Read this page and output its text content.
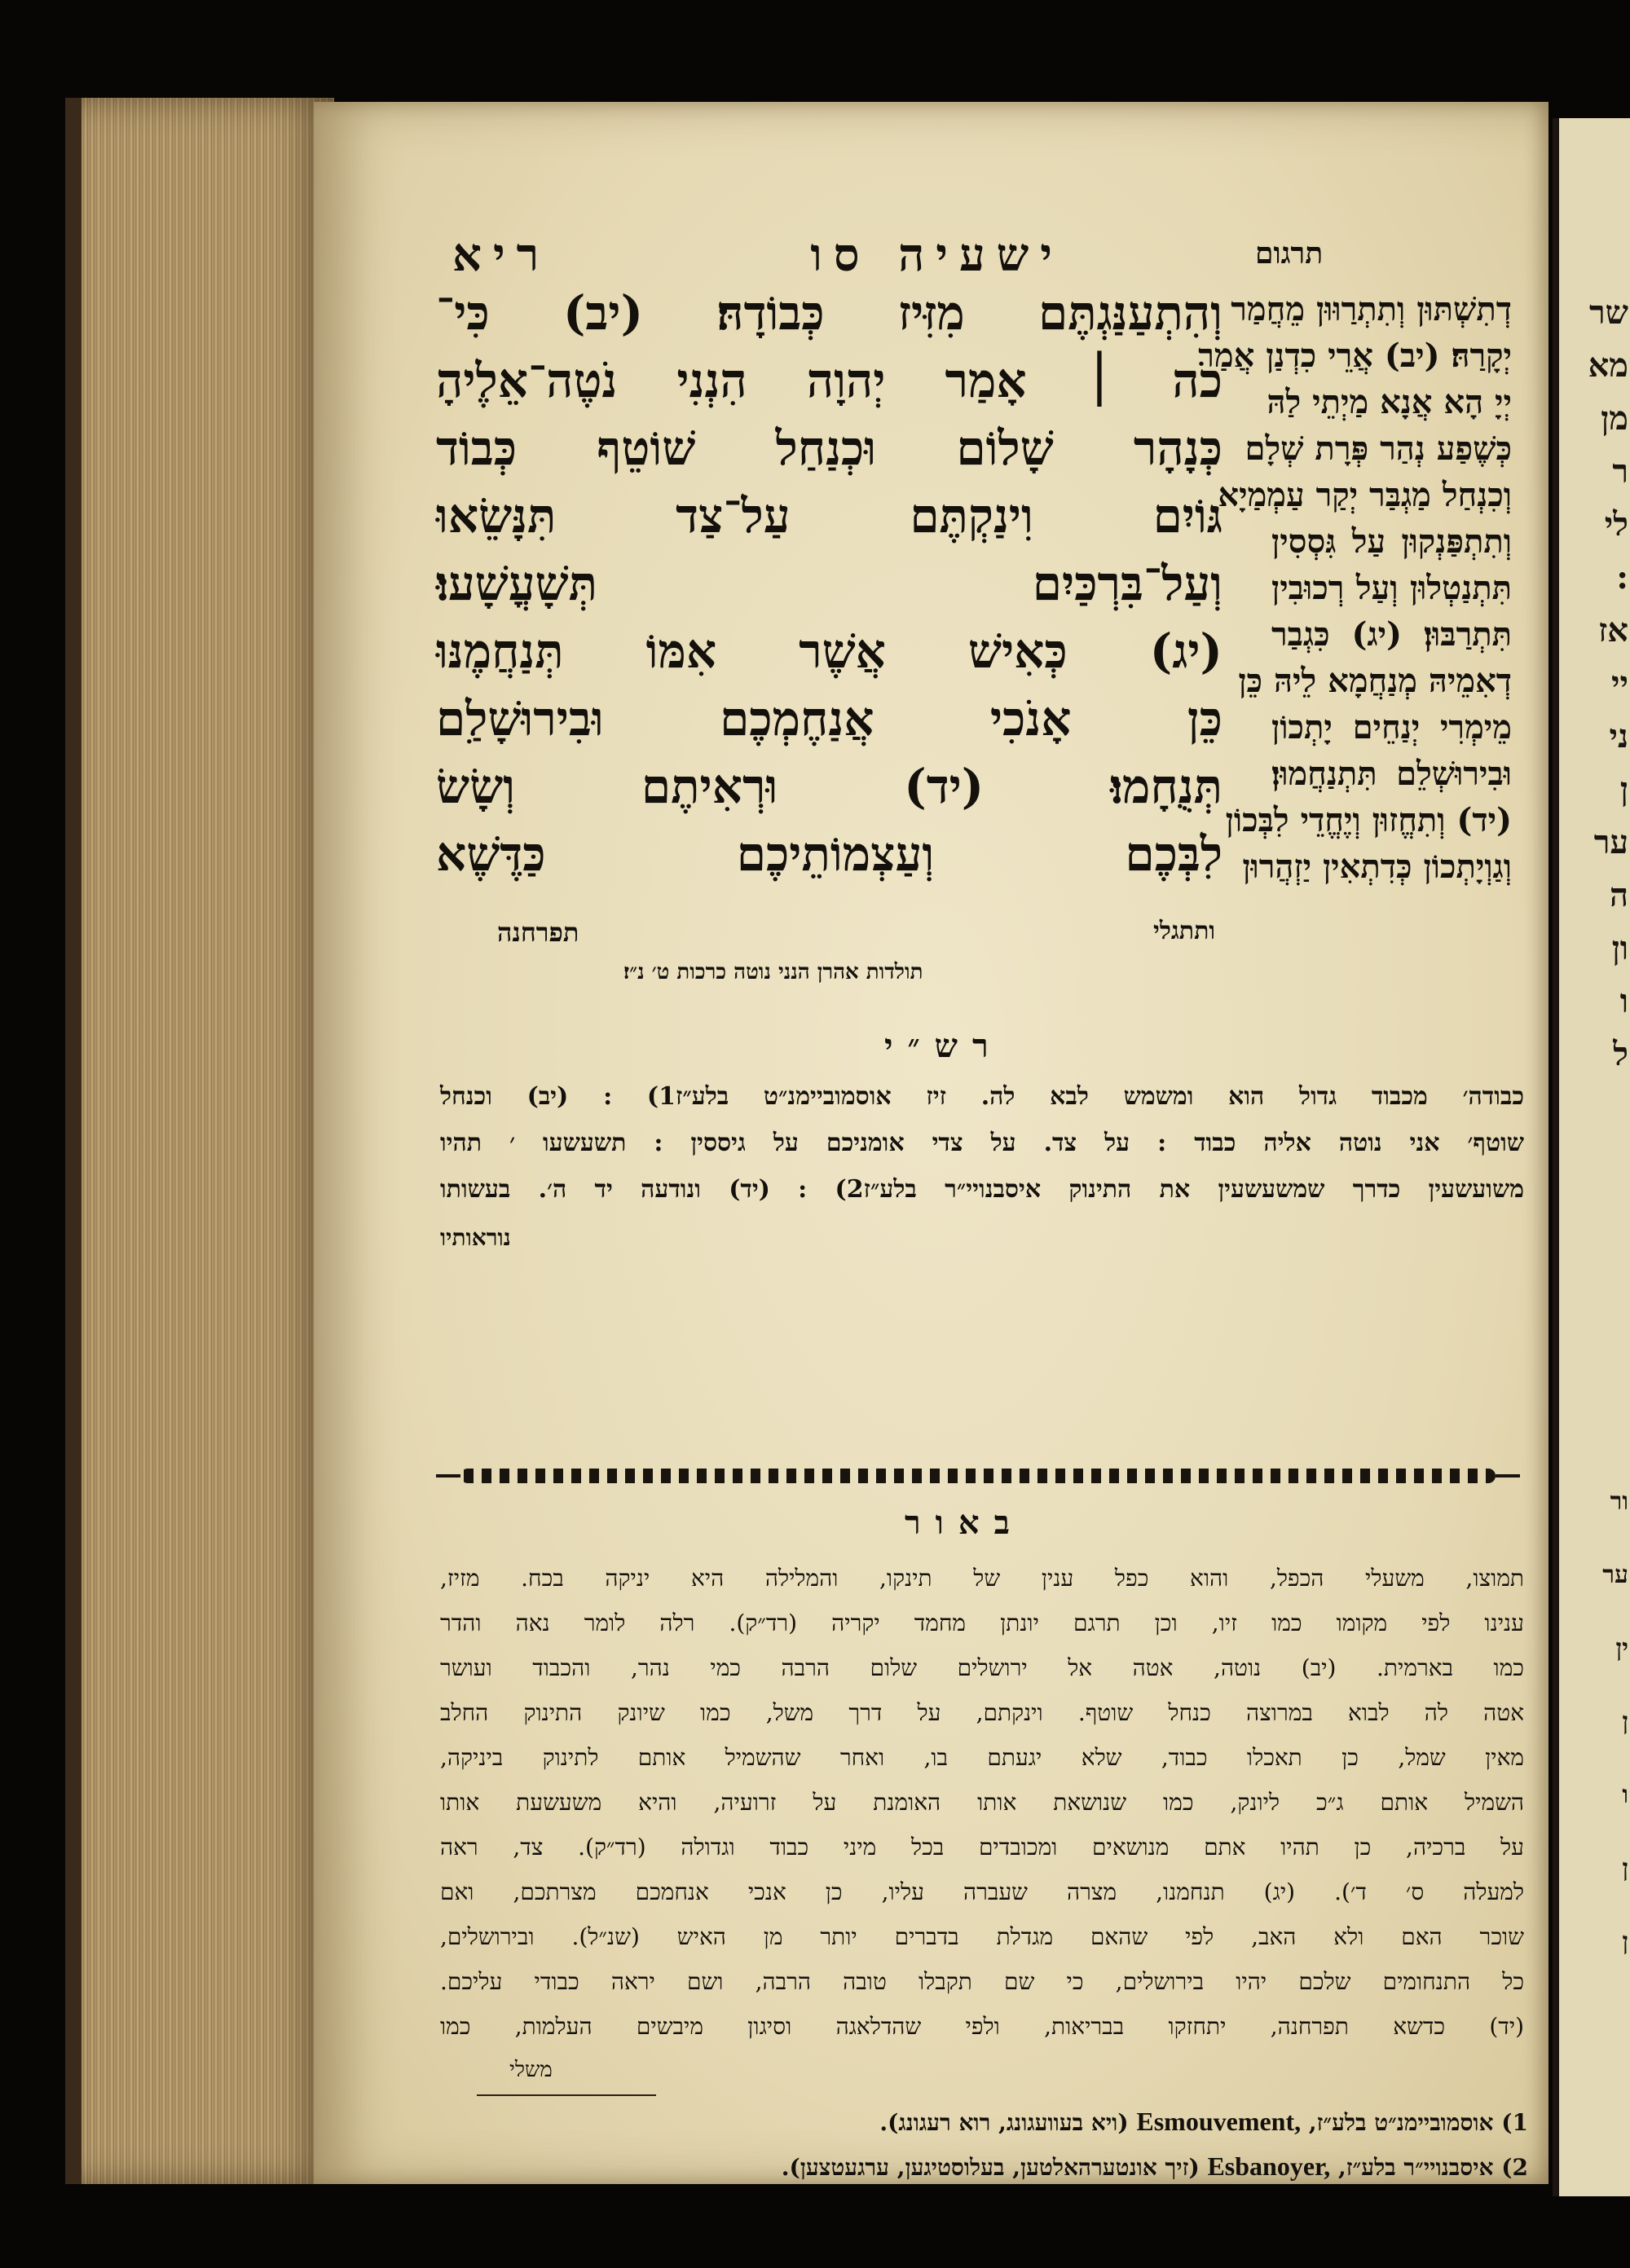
שר
מא
מן
ר
לי
:
אז
יי
ני
ן
ער
ה
ון
ו
ל
ור
ער
ין
ן
ו
ן
ן
ריא	ישעיה סו	תרגום
וְהִתְעַנַּגְתֶּם מִזִּיז כְּבוֹדָהּ׃ (יב) כִּי־
כֹה ׀ אָמַר יְהוָה הִנְנִי נֹטֶה־אֵלֶיהָ
כְּנָהָר שָׁלוֹם וּכְנַחַל שׁוֹטֵף כְּבוֹד
גּוֹיִם וִינַקְתֶּם עַל־צַד תִּנָּשֵׂאוּ
וְעַל־בִּרְכַּיִם תְּשָׁעֳשָׁעוּ׃
(יג) כְּאִישׁ אֲשֶׁר אִמּוֹ תְּנַחֲמֶנּוּ
כֵּן אָנֹכִי אֲנַחֶמְכֶם וּבִירוּשָׁלִַם
תְּנֻחָמוּ׃ (יד) וּרְאִיתֶם וְשָׂשׂ
לִבְּכֶם וְעַצְמוֹתֵיכֶם כַּדֶּשֶׁא
תפרחנה
דְתִשְׁתּוּן וְתִתְרַוּוּן מֵחֲמַר
יְקָרַהּ׃ (יב) אֲרֵי כִדְנַן אֲמַר
יְיָ הָא אֲנָא מַיְתֵי לַהּ
כְּשֶׁפַע נְהַר פְּרָת שְׁלָם
וְכִנְחַל מַגְבַּר יְקַר עַמְמַיָא
וְתִתְפַּנְקוּן עַל גִּסְסִין
תִּתְנַטְלוּן וְעַל רְכוּבִין
תִּתְרַבּוּן׃ (יג) כִּגְבַר
דְאִמֵיהּ מְנַחֲמָא לֵיהּ כֵּן
מֵימְרִי יְנַחֵים יָתְכוֹן
וּבִירוּשְׁלֵם תִּתְנַחֲמוּן׃
(יד) וְתִחֱזוּן וְיֶחֱדֵי לִבְּכוֹן
וְגַוְיָתְכוֹן כְּדִתְאִין יַזְהֲרוּן
ותתגלי
תולדות אהרן הנני נוטה כרכות ט׳ נ״ז׃
רש״י
כבודה׳ מכבוד גדול הוא ומשמש לבא לה. זיז אוסמוביימנ״ט בלע״ז1) : (יב) וכנחל
שוטף׳ אני נוטה אליה כבוד : על צד. על צדי אומניכם על גיססין : תשעשעו ׳ תהיו
משועשעין כדרך שמשעשעין את התינוק איסבנויי״ר בלע״ז2) : (יד) ונודעה יד ה׳. בעשותו
נוראותיו
באור
תמוצו, משעלי הכפל, והוא כפל ענין של תינקו, והמלילה היא יניקה בכח. מזיז,
ענינו לפי מקומו כמו זיו, וכן תרגם יונתן מחמד יקריה (רד״ק). רלה לומר נאה והדר
כמו בארמית. (יב) נוטה, אטה אל ירושלים שלום הרבה כמי נהר, והכבוד ועושר
אטה לה לבוא במרוצה כנחל שוטף. וינקתם, על דרך משל, כמו שיונק התינוק החלב
מאין שמל, כן תאכלו כבוד, שלא יגעתם בו, ואחר שהשמיל אותם לתינוק ביניקה,
השמיל אותם ג״כ ליונק, כמו שנושאת אותו האומנת על זרועיה, והיא משעשעת אותו
על ברכיה, כן תהיו אתם מנושאים ומכובדים בכל מיני כבוד וגדולה (רד״ק). צד, ראה
למעלה ס׳ ד׳). (יג) תנחמנו, מצרה שעברה עליו, כן אנכי אנחמכם מצרתכם, ואם
שוכר האם ולא האב, לפי שהאם מגדלת בדברים יותר מן האיש (שנ״ל). ובירושלים,
כל התנחומים שלכם יהיו בירושלים, כי שם תקבלו טובה הרבה, ושם יראה כבודי עליכם.
(יד) כדשא תפרחנה, יתחזקו בבריאות, ולפי שהדלאגה וסיגון מיבשים העלמות, כמו
משלי
1) אוסמוביימנ״ט בלע״ז, Esmouvement, (ויא בעוועגונג, רוא רעגונג).
2) איסבנויי״ר בלע״ז, Esbanoyer, (זיך אונטערהאלטען, בעלוסטיגען, ערגעטצען).
